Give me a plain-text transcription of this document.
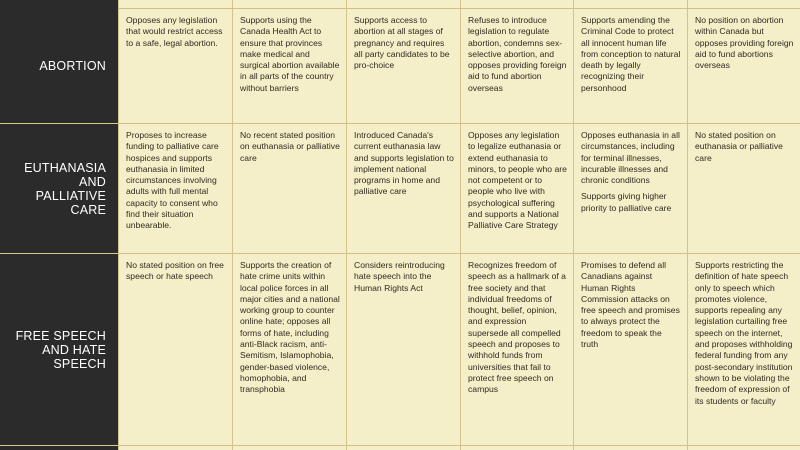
ABORTION

Opposes any legislation that would restrict access to a safe, legal abortion.

Supports using the Canada Health Act to ensure that provinces make medical and surgical abortion available in all parts of the country without barriers

Supports access to abortion at all stages of pregnancy and requires all party candidates to be pro-choice

Refuses to introduce legislation to regulate abortion, condemns sex-selective abortion, and opposes providing foreign aid to fund abortion overseas

Supports amending the Criminal Code to protect all innocent human life from conception to natural death by legally recognizing their personhood

No position on abortion within Canada but opposes providing foreign aid to fund abortions overseas

EUTHANASIA AND PALLIATIVE CARE

Proposes to increase funding to palliative care hospices and supports euthanasia in limited circumstances involving adults with full mental capacity to consent who find their situation unbearable.

No recent stated position on euthanasia or palliative care

Introduced Canada's current euthanasia law and supports legislation to implement national programs in home and palliative care

Opposes any legislation to legalize euthanasia or extend euthanasia to minors, to people who are not competent or to people who live with psychological suffering and supports a National Palliative Care Strategy

Opposes euthanasia in all circumstances, including for terminal illnesses, incurable illnesses and chronic conditions

Supports giving higher priority to palliative care

No stated position on euthanasia or palliative care

FREE SPEECH AND HATE SPEECH

No stated position on free speech or hate speech

Supports the creation of hate crime units within local police forces in all major cities and a national working group to counter online hate; opposes all forms of hate, including anti-Black racism, anti-Semitism, Islamophobia, gender-based violence, homophobia, and transphobia

Considers reintroducing hate speech into the Human Rights Act

Recognizes freedom of speech as a hallmark of a free society and that individual freedoms of thought, belief, opinion, and expression supersede all compelled speech and proposes to withhold funds from universities that fail to protect free speech on campus

Promises to defend all Canadians against Human Rights Commission attacks on free speech and promises to always protect the freedom to speak the truth

Supports restricting the definition of hate speech only to speech which promotes violence, supports repealing any legislation curtailing free speech on the internet, and proposes withholding federal funding from any post-secondary institution shown to be violating the freedom of expression of its students or faculty
